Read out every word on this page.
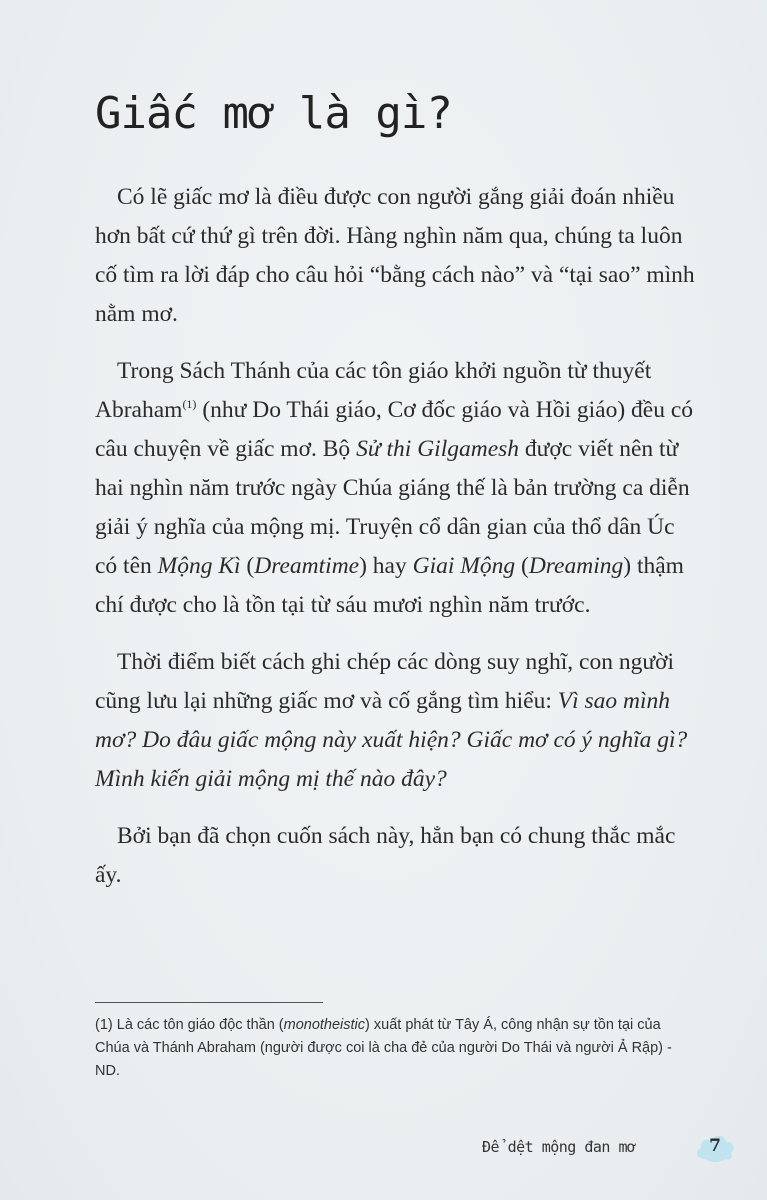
Giấc mơ là gì?

Có lẽ giấc mơ là điều được con người gắng giải đoán nhiều hơn bất cứ thứ gì trên đời. Hàng nghìn năm qua, chúng ta luôn cố tìm ra lời đáp cho câu hỏi “bằng cách nào” và “tại sao” mình nằm mơ.

Trong Sách Thánh của các tôn giáo khởi nguồn từ thuyết Abraham$^{(1)}$ (như Do Thái giáo, Cơ đốc giáo và Hồi giáo) đều có câu chuyện về giấc mơ. Bộ Sử thi Gilgamesh được viết nên từ hai nghìn năm trước ngày Chúa giáng thế là bản trường ca diễn giải ý nghĩa của mộng mị. Truyện cổ dân gian của thổ dân Úc có tên Mộng Kì (Dreamtime) hay Giai Mộng (Dreaming) thậm chí được cho là tồn tại từ sáu mươi nghìn năm trước.

Thời điểm biết cách ghi chép các dòng suy nghĩ, con người cũng lưu lại những giấc mơ và cố gắng tìm hiểu: Vì sao mình mơ? Do đâu giấc mộng này xuất hiện? Giấc mơ có ý nghĩa gì? Mình kiến giải mộng mị thế nào đây?

Bởi bạn đã chọn cuốn sách này, hẳn bạn có chung thắc mắc ấy.

(1) Là các tôn giáo độc thần (monotheistic) xuất phát từ Tây Á, công nhận sự tồn tại của Chúa và Thánh Abraham (người được coi là cha đẻ của người Do Thái và người Ả Rập) - ND.
Để dệt mộng đan mơ	7
